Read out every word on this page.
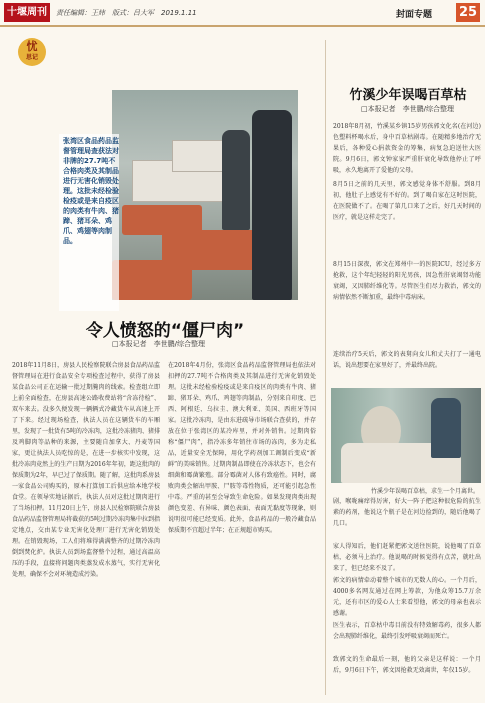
十堰周刊	责任编辑：王炜　版式：吕大军　2019.1.11	封面专题 25
忧
思记
张湾区食品药品监督管理局查获法对非牌的27.7吨不合格肉类及其制品进行无害化销毁处理。这批未经检验检疫或是来自疫区的肉类有牛肉、猪蹄、猪耳朵、鸡爪、鸡翅等肉制品。
令人愤怒的“僵尸肉”
□本报记者　李世鹏/综合整理
2018年11月8日，房县人民检察院联合房县食品药品监督管理局在进行食品安全专项检查过程中，获得了房县某食品公司正在运输一批过期腌肉的线索。检查组立即上前全面检查，在房县高速公路收费站将“含冻待检”、双车来去。没多久便发现一辆辆式冷藏货车从高速上开了下来。经过现场检查，执法人员在这辆货车的车厢里，发现了一批货有5吨的冷冻肉，这批冷冻猪肉、猪排及鸡脚肉等品种的来源，主要随自加拿大、丹麦等国家，更让执法人员吃惊的是，在进一步核实中发现，这批冷冻肉竟然上的生产日期为2016年年初，距这批肉的保质期为2年，早已过了保质期。随了解，这批肉系房县一家食品公司购买的，原本打算加工后供应给本地学校食堂。在领导实地证据后，执法人员对这批过期肉进行了当场扣押。11月20日上午，房县人民检察院联合房县食品药品监督管理局将截获的5吨过期冷冻肉集中拉到指定地点，交由某专业无害化处理厂进行无害化销毁处理。在销毁现场，工人们将堆得满满整齐的过期冷冻肉倒到焚化炉。执法人员到场监督整个过程，通过高温高压的手段，直接将问题肉类蒸发成水蒸气，实行无害化处理，确保不会对环境造成污染。
在2018年4月份，张湾区食品药品监督管理局也依法对扣押的27.7吨不合格肉类及其制品进行无害化销毁处理。这批未经检验检疫或是来自疫区的肉类有牛肉、猪蹄、猪耳朵、鸡爪、鸡翅等肉制品，分别来自印度、巴西、阿根廷、乌拉圭、澳大利亚、美国、西班牙等国家。这批冷冻肉，是由东进疏导市场联合查获的，并存放在位于张湾区的某冷库里，并对外销售。过期肉俗称“僵尸肉”，指冷冻多年销往市场的冻肉，多为走私品，近量安全无保障，用化学药剂加工调制后变成“新鲜”的美味销售。过期肉制品即使在冷冻状态下，也会有细菌和霉菌繁殖。部分霉菌对人体有致癌性。同时，腐败肉类会解出甲胺、尸胺等毒性物质，还可能引起急性中毒。严重的甚至会导致生命危险。如果发现肉类出现颜色变差、有异味、颜色表面、表面无黏度等现象，则说明很可能已经变质。此外，食品药品的一般冷藏食品保质期不宜超过半年；在正规超市购买。
竹溪少年误喝百草枯
□本报记者　李世鹏/综合整理
2018年8月初，竹溪某乡镇15岁男孩郭文化名(在河边)色塑料杯喝水后，身中百草枯剧毒。在随精多地治疗无果后，各种爱心捐款资金的筹集，病复急迫送往大医院。9月6日，郭文钟家家严重肝衰化导致他停止了呼吸，永久地离开了爱他的父母。
8月5日之前的几天里，郭文感觉身体不舒服。到8月初，他肚子上感觉有不好的。到了喝自家在这时医院，在医院做不了。在喝了第几口来了之后，好几天时间的医疗，就是这样走完了。
8月15日深夜，郭文在郑州中一的医院ICU，经过多方抢救，这个年纪轻轻的阳光男孩，因急性肝衰竭肾功能衰竭，又因肺纤维化等。尽管医生们尽力救治，郭文的病情依然不断加重，最终中毒病床。
连续治疗5天后，郭文的表舅向女儿和丈夫打了一通电话，说出想要在家里好了，并最终出院。
竹溪少年误喝百草枯，求生一个月离世。
剧，喉咙痛痒得厉害，好大一阵子把这种很危险的抗生素的药剂，他说这个瓶子是在河边捡到的，随后他喝了几口。
家人得知后，他们赶紧把郭文送往医院，说他喝了百草枯，必须马上治疗。他说喝的时候觉得有点苦，就吐出来了，但已经来不及了。
郭文的病情牵动着整个城市的无数人的心。一个月后，4000多名网友通过在网上筹款，为他众筹15.7万余元，还有市区的爱心人士来看望他，郭文的母亲也表示感谢。
医生表示，百草枯中毒目前没有特效解毒药，很多人都会出现肺纤维化，最终引发呼吸衰竭而死亡。
致郭文的生命最后一刻，他的父亲是这样说：一个月后，9月6日下午，郭文因抢救无效离世，年仅15岁。
